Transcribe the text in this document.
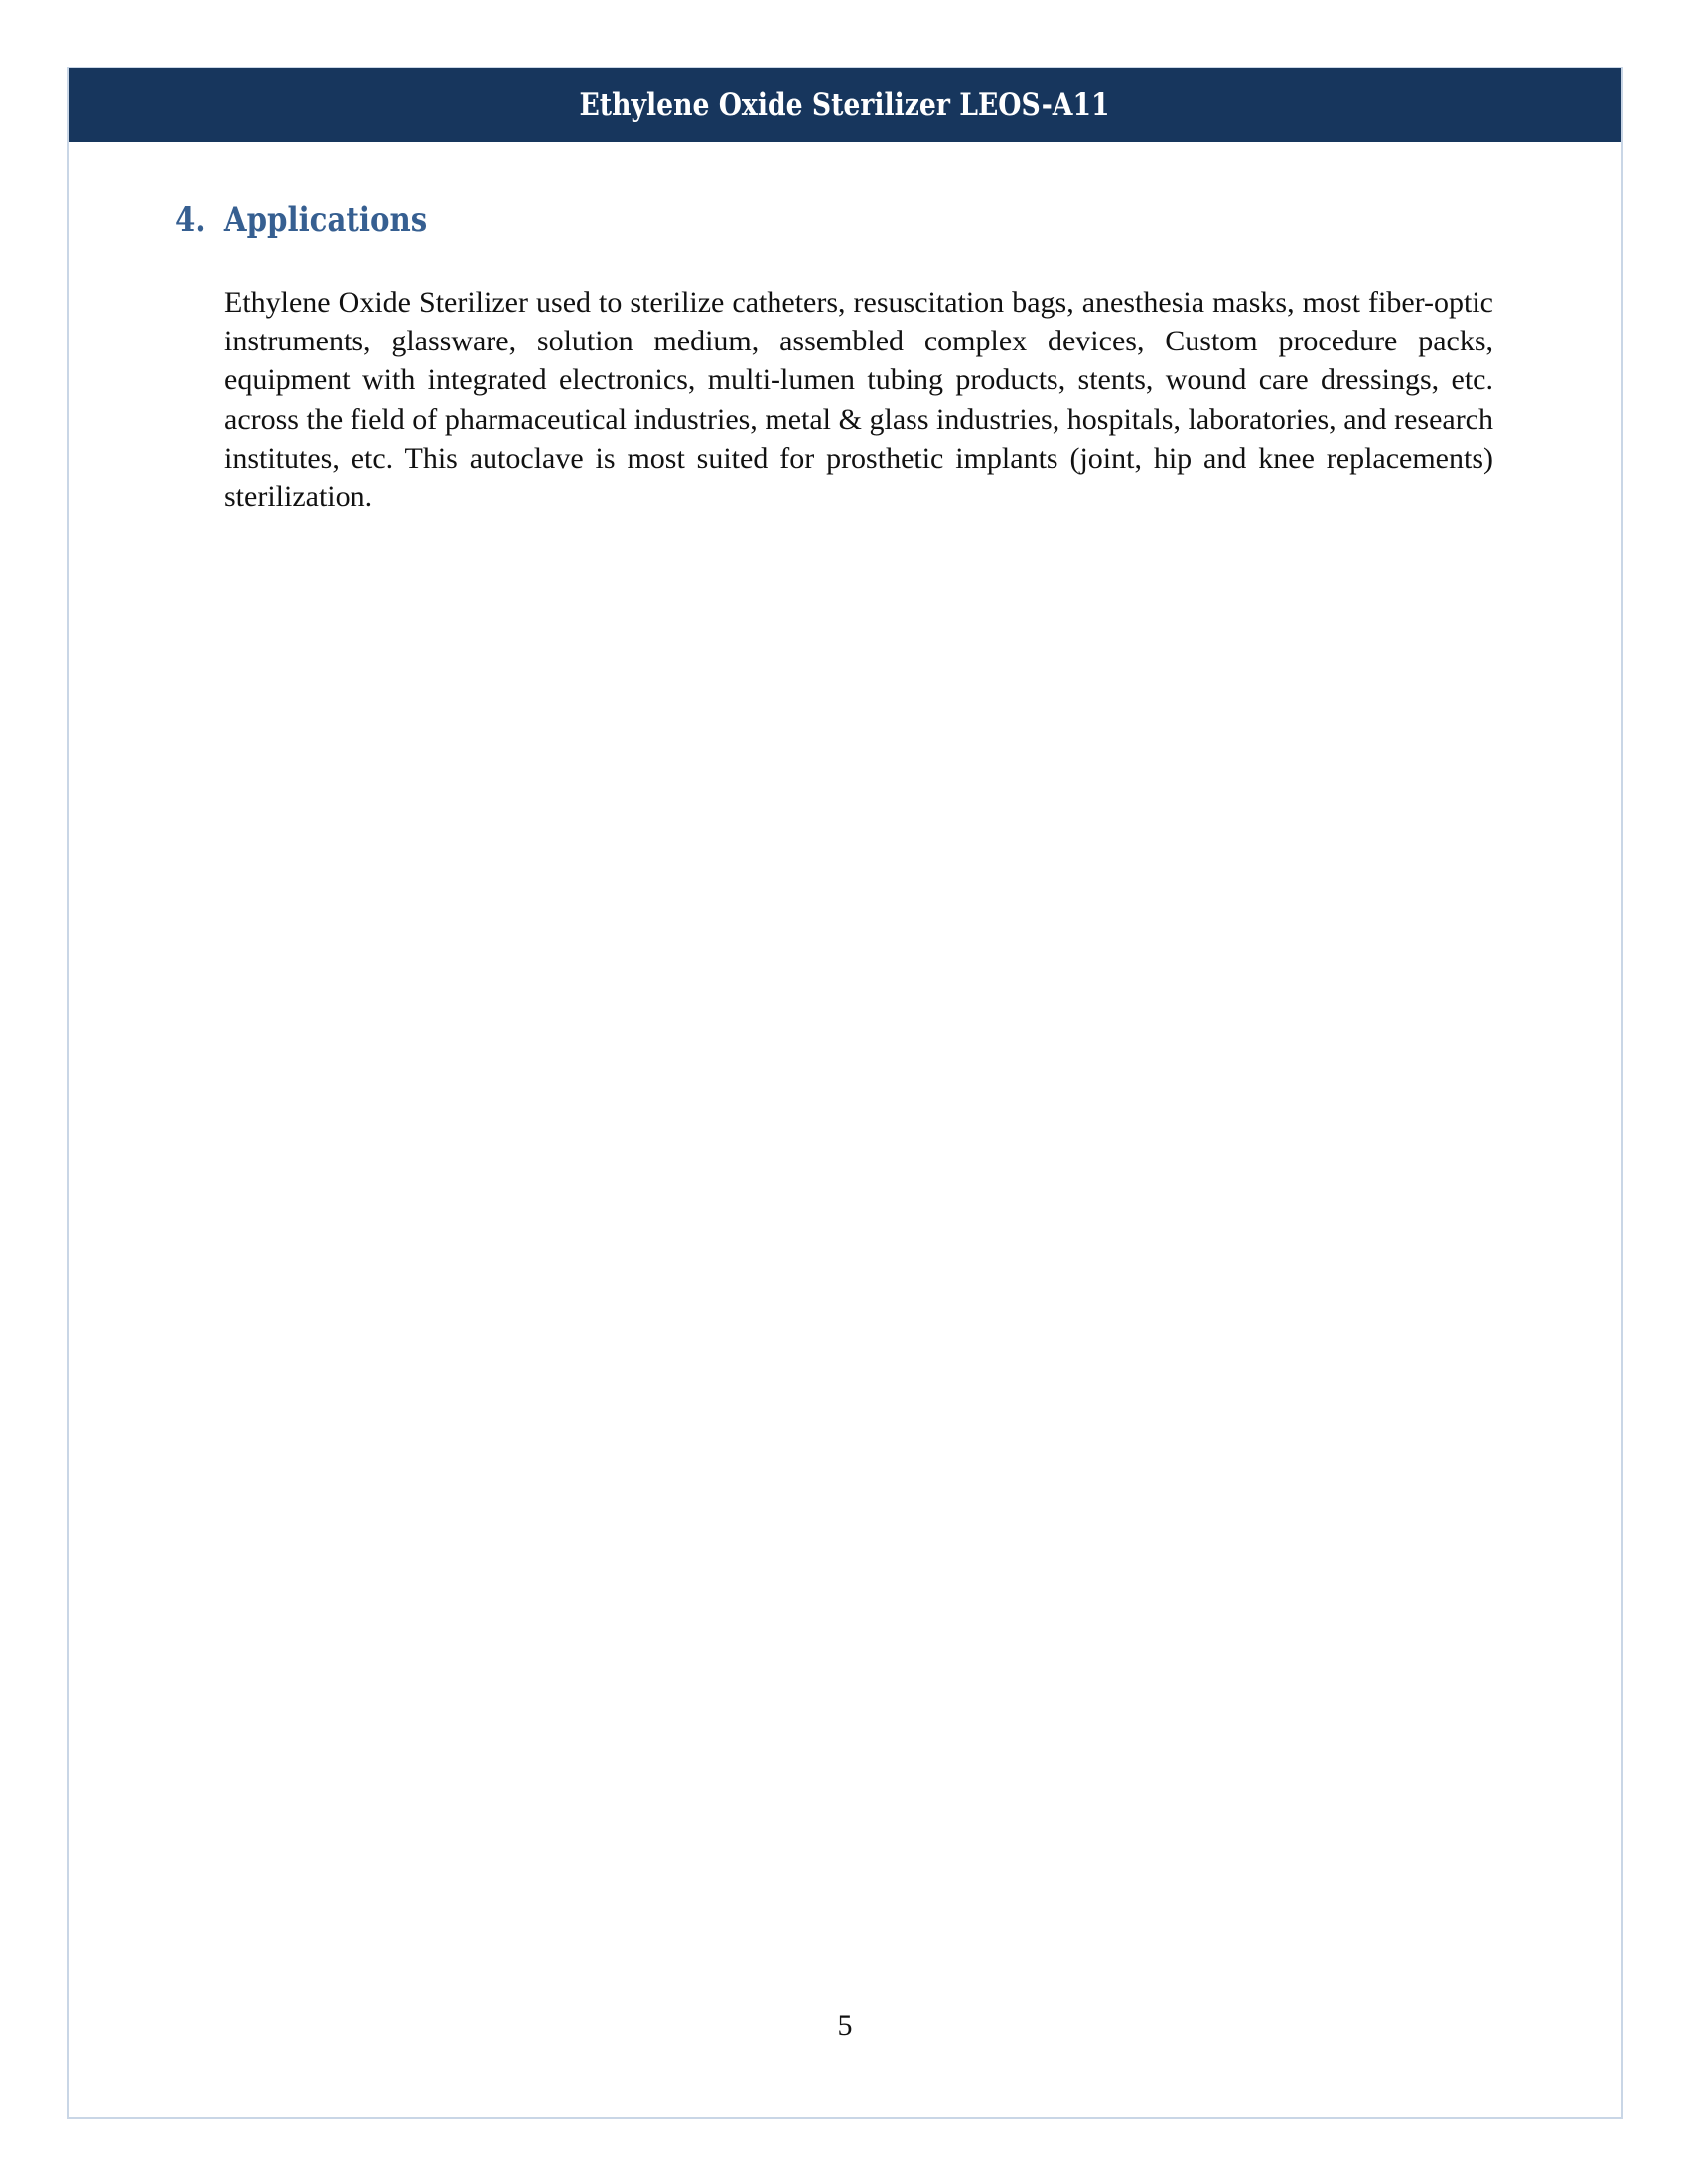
Ethylene Oxide Sterilizer LEOS-A11
4. Applications

Ethylene Oxide Sterilizer used to sterilize catheters, resuscitation bags, anesthesia masks, most fiber-optic instruments, glassware, solution medium, assembled complex devices, Custom procedure packs, equipment with integrated electronics, multi-lumen tubing products, stents, wound care dressings, etc. across the field of pharmaceutical industries, metal & glass industries, hospitals, laboratories, and research institutes, etc. This autoclave is most suited for prosthetic implants (joint, hip and knee replacements) sterilization.

5
